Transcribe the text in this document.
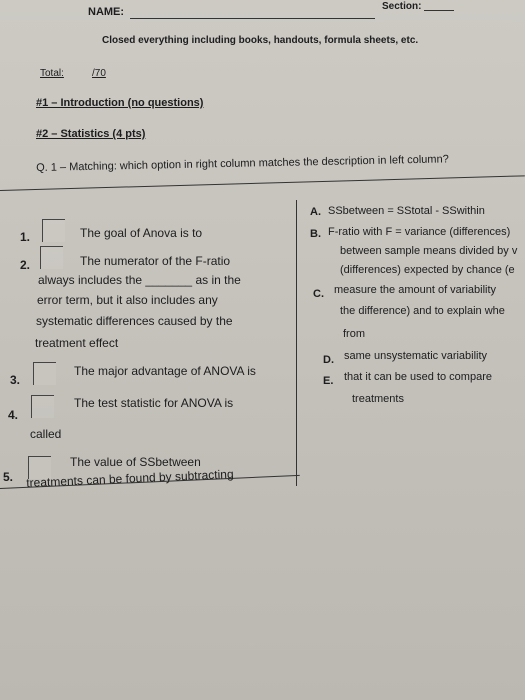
NAME:	Section:
Closed everything including books, handouts, formula sheets, etc.
Total:	/70
#1 – Introduction (no questions)
#2 – Statistics (4 pts)
Q. 1 – Matching: which option in right column matches the description in left column?
1.	The goal of Anova is to
2.	The numerator of the F-ratio
always includes the _______ as in the
error term, but it also includes any
systematic differences caused by the
treatment effect
3.
The major advantage of ANOVA is
4.
The test statistic for ANOVA is
called
5.
The value of SSbetween
treatments can be found by subtracting
A. SSbetween = SStotal - SSwithin
B. F-ratio with F = variance (differences)
between sample means divided by v
(differences) expected by chance (e
C. measure the amount of variability
the difference) and to explain whe
from
D. same unsystematic variability
E. that it can be used to compare
treatments
